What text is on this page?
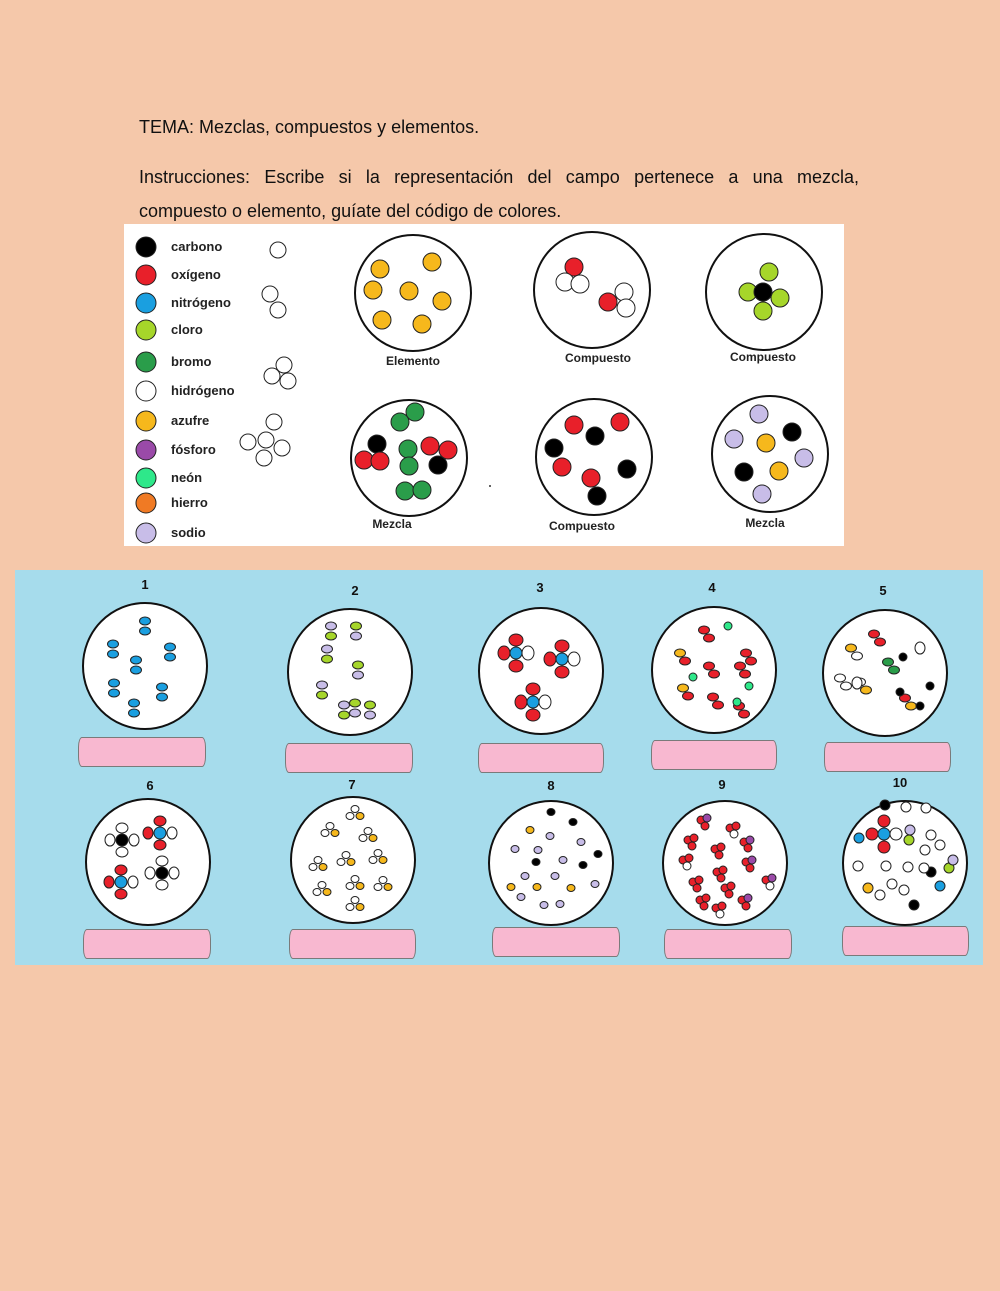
TEMA: Mezclas, compuestos y elementos.
Instrucciones: Escribe si la representación del campo pertenece a una mezcla, compuesto o elemento, guíate del código de colores.
carbono
oxígeno
nitrógeno
cloro
bromo
hidrógeno
azufre
fósforo
neón
hierro
sodio
Elemento	Compuesto	Compuesto
Mezcla	Compuesto	Mezcla
1	2	3	4	5
6	7	8	9	10
